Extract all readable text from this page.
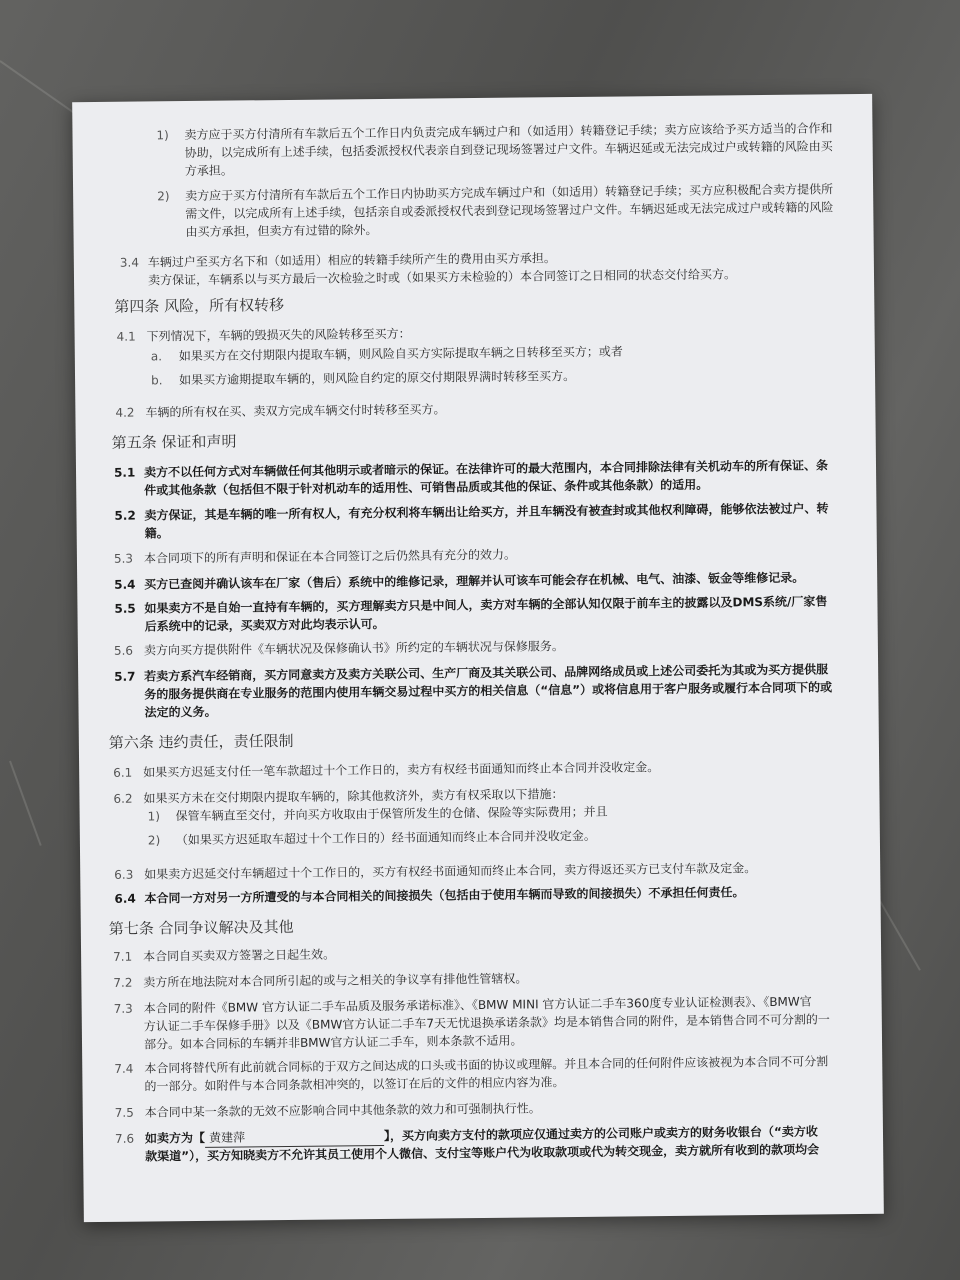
1) 卖方应于买方付清所有车款后五个工作日内负责完成车辆过户和（如适用）转籍登记手续；卖方应该给予买方适当的合作和
协助，以完成所有上述手续，包括委派授权代表亲自到登记现场签署过户文件。车辆迟延或无法完成过户或转籍的风险由买
方承担。
2) 卖方应于买方付清所有车款后五个工作日内协助买方完成车辆过户和（如适用）转籍登记手续；买方应积极配合卖方提供所
需文件，以完成所有上述手续，包括亲自或委派授权代表到登记现场签署过户文件。车辆迟延或无法完成过户或转籍的风险
由买方承担，但卖方有过错的除外。
3.4 车辆过户至买方名下和（如适用）相应的转籍手续所产生的费用由买方承担。
卖方保证，车辆系以与买方最后一次检验之时或（如果买方未检验的）本合同签订之日相同的状态交付给买方。
第四条 风险，所有权转移
4.1 下列情况下，车辆的毁损灭失的风险转移至买方：
a. 如果买方在交付期限内提取车辆，则风险自买方实际提取车辆之日转移至买方；或者
b. 如果买方逾期提取车辆的，则风险自约定的原交付期限界满时转移至买方。
4.2 车辆的所有权在买、卖双方完成车辆交付时转移至买方。
第五条 保证和声明
5.1 卖方不以任何方式对车辆做任何其他明示或者暗示的保证。在法律许可的最大范围内，本合同排除法律有关机动车的所有保证、条
件或其他条款（包括但不限于针对机动车的适用性、可销售品质或其他的保证、条件或其他条款）的适用。
5.2 卖方保证，其是车辆的唯一所有权人，有充分权利将车辆出让给买方，并且车辆没有被查封或其他权利障碍，能够依法被过户、转
籍。
5.3 本合同项下的所有声明和保证在本合同签订之后仍然具有充分的效力。
5.4 买方已查阅并确认该车在厂家（售后）系统中的维修记录，理解并认可该车可能会存在机械、电气、油漆、钣金等维修记录。
5.5 如果卖方不是自始一直持有车辆的，买方理解卖方只是中间人，卖方对车辆的全部认知仅限于前车主的披露以及DMS系统/厂家售
后系统中的记录，买卖双方对此均表示认可。
5.6 卖方向买方提供附件《车辆状况及保修确认书》所约定的车辆状况与保修服务。
5.7 若卖方系汽车经销商，买方同意卖方及卖方关联公司、生产厂商及其关联公司、品牌网络成员或上述公司委托为其或为买方提供服
务的服务提供商在专业服务的范围内使用车辆交易过程中买方的相关信息（“信息”）或将信息用于客户服务或履行本合同项下的或
法定的义务。
第六条 违约责任，责任限制
6.1 如果买方迟延支付任一笔车款超过十个工作日的，卖方有权经书面通知而终止本合同并没收定金。
6.2 如果买方未在交付期限内提取车辆的，除其他救济外，卖方有权采取以下措施：
1) 保管车辆直至交付，并向买方收取由于保管所发生的仓储、保险等实际费用；并且
2) （如果买方迟延取车超过十个工作日的）经书面通知而终止本合同并没收定金。
6.3 如果卖方迟延交付车辆超过十个工作日的，买方有权经书面通知而终止本合同，卖方得返还买方已支付车款及定金。
6.4 本合同一方对另一方所遭受的与本合同相关的间接损失（包括由于使用车辆而导致的间接损失）不承担任何责任。
第七条 合同争议解决及其他
7.1 本合同自买卖双方签署之日起生效。
7.2 卖方所在地法院对本合同所引起的或与之相关的争议享有排他性管辖权。
7.3 本合同的附件《BMW 官方认证二手车品质及服务承诺标准》、《BMW MINI 官方认证二手车360度专业认证检测表》、《BMW官
方认证二手车保修手册》以及《BMW官方认证二手车7天无忧退换承诺条款》均是本销售合同的附件，是本销售合同不可分割的一
部分。如本合同标的车辆并非BMW官方认证二手车，则本条款不适用。
7.4 本合同将替代所有此前就合同标的于双方之间达成的口头或书面的协议或理解。并且本合同的任何附件应该被视为本合同不可分割
的一部分。如附件与本合同条款相冲突的，以签订在后的文件的相应内容为准。
7.5 本合同中某一条款的无效不应影响合同中其他条款的效力和可强制执行性。
7.6 如卖方为【 黄建萍	】，买方向卖方支付的款项应仅通过卖方的公司账户或卖方的财务收银台（“卖方收
款渠道”），买方知晓卖方不允许其员工使用个人微信、支付宝等账户代为收取款项或代为转交现金，卖方就所有收到的款项均会
